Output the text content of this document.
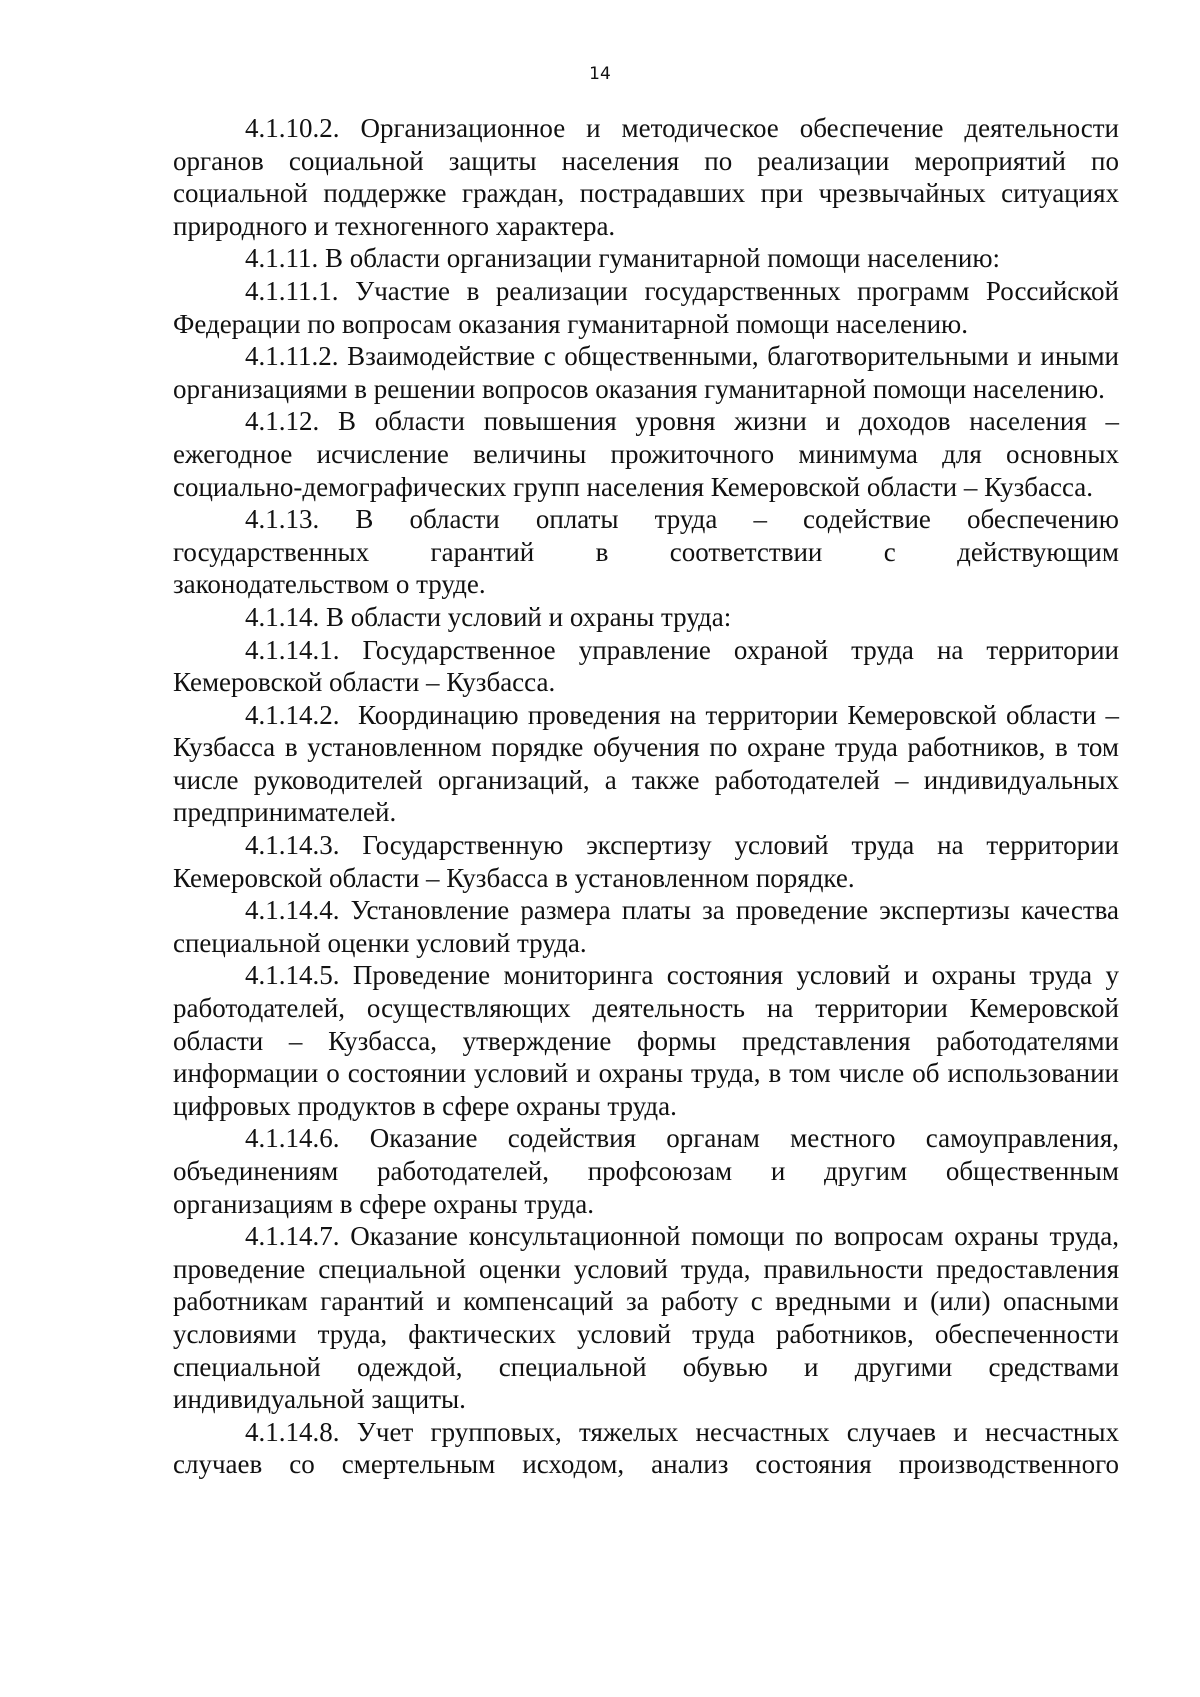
14

4.1.10.2. Организационное и методическое обеспечение деятельности органов социальной защиты населения по реализации мероприятий по социальной поддержке граждан, пострадавших при чрезвычайных ситуациях природного и техногенного характера.

4.1.11. В области организации гуманитарной помощи населению:

4.1.11.1. Участие в реализации государственных программ Российской Федерации по вопросам оказания гуманитарной помощи населению.

4.1.11.2. Взаимодействие с общественными, благотворительными и иными организациями в решении вопросов оказания гуманитарной помощи населению.

4.1.12. В области повышения уровня жизни и доходов населения – ежегодное исчисление величины прожиточного минимума для основных социально-демографических групп населения Кемеровской области – Кузбасса.

4.1.13. В области оплаты труда – содействие обеспечению
государственных гарантий в соответствии с действующим

законодательством о труде.

4.1.14. В области условий и охраны труда:

4.1.14.1. Государственное управление охраной труда на территории Кемеровской области – Кузбасса.

4.1.14.2.  Координацию проведения на территории Кемеровской области – Кузбасса в установленном порядке обучения по охране труда работников, в том числе руководителей организаций, а также работодателей – индивидуальных предпринимателей.

4.1.14.3. Государственную экспертизу условий труда на территории Кемеровской области – Кузбасса в установленном порядке.

4.1.14.4. Установление размера платы за проведение экспертизы качества специальной оценки условий труда.

4.1.14.5. Проведение мониторинга состояния условий и охраны труда у работодателей, осуществляющих деятельность на территории Кемеровской области – Кузбасса, утверждение формы представления работодателями информации о состоянии условий и охраны труда, в том числе об использовании цифровых продуктов в сфере охраны труда.

4.1.14.6. Оказание содействия органам местного самоуправления, объединениям работодателей, профсоюзам и другим общественным организациям в сфере охраны труда.

4.1.14.7. Оказание консультационной помощи по вопросам охраны труда, проведение специальной оценки условий труда, правильности предоставления работникам гарантий и компенсаций за работу с вредными и (или) опасными условиями труда, фактических условий труда работников, обеспеченности специальной одеждой, специальной обувью и другими средствами индивидуальной защиты.

4.1.14.8. Учет групповых, тяжелых несчастных случаев и несчастных случаев со смертельным исходом, анализ состояния производственного
